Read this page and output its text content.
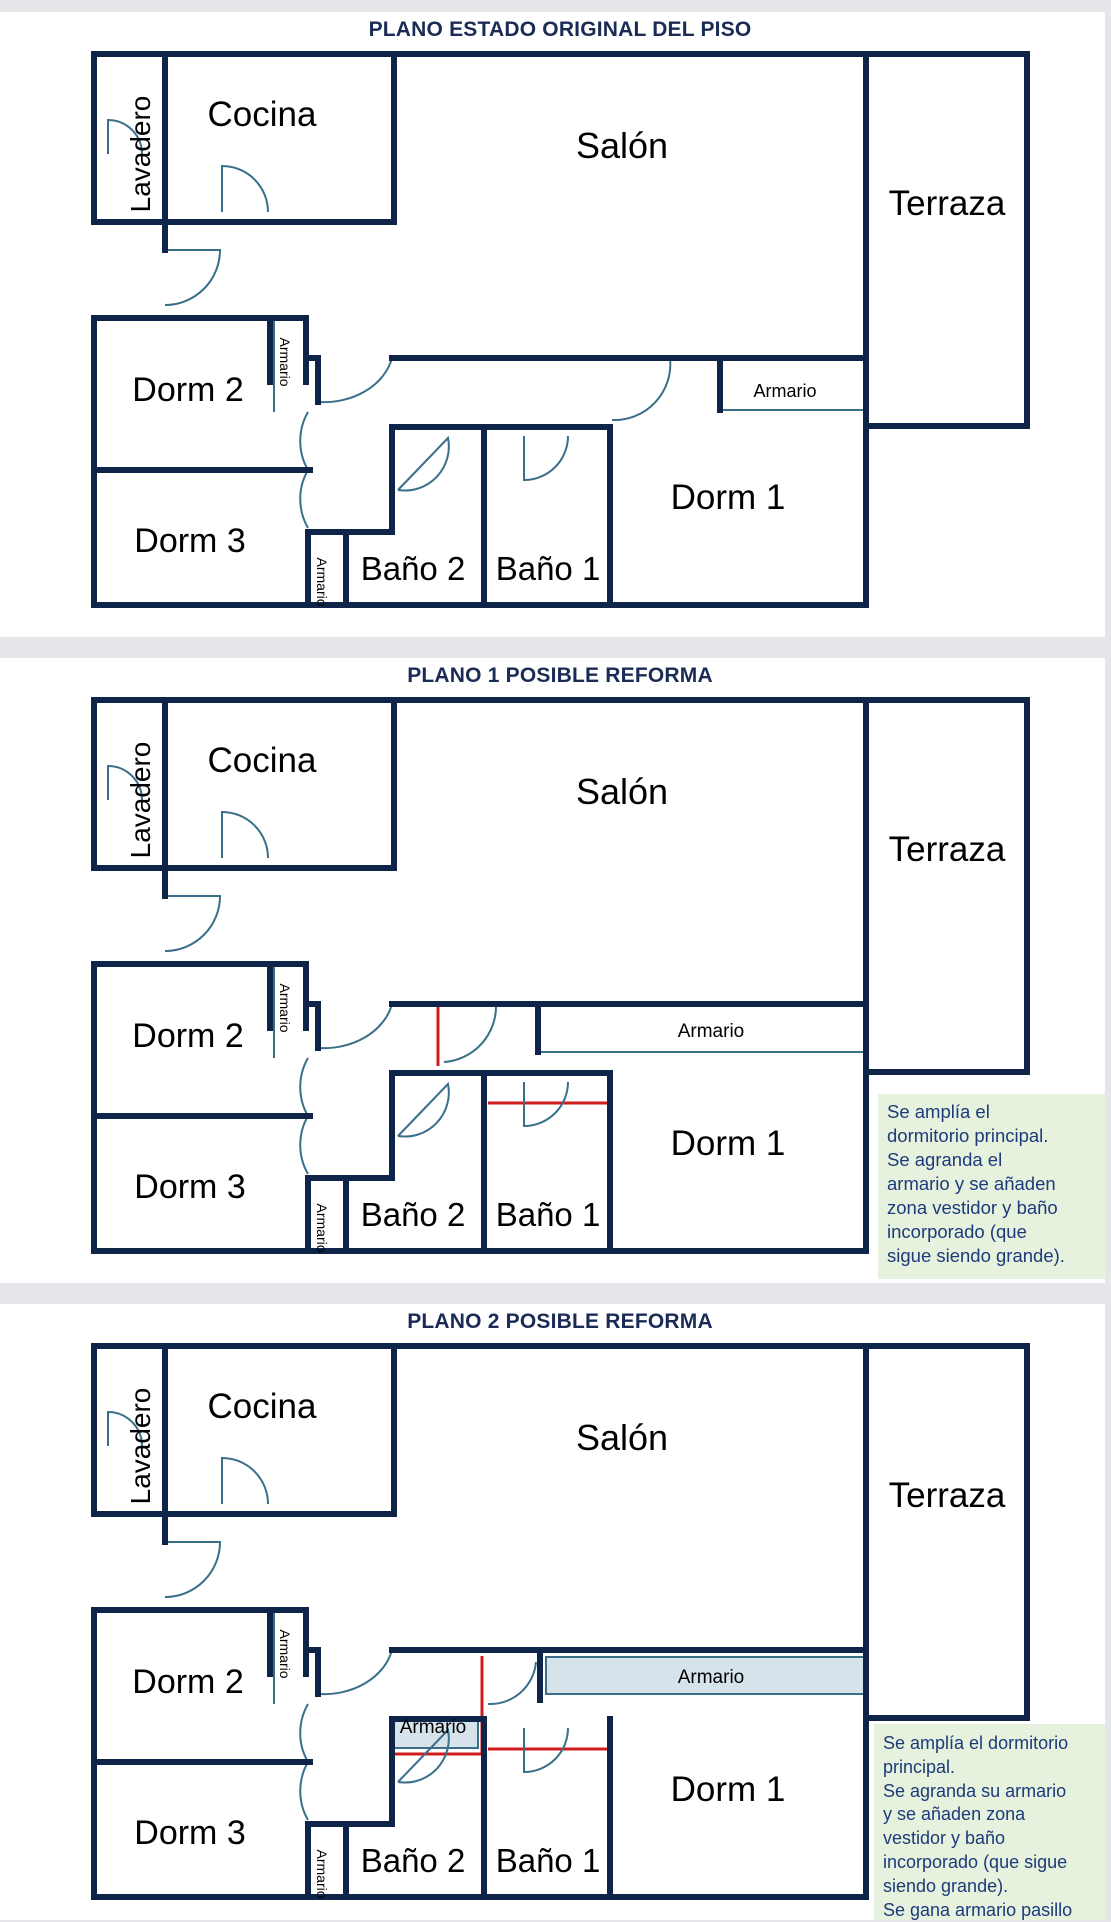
PLANO ESTADO ORIGINAL DEL PISO
Cocina
Salón
Terraza
Dorm 2
Dorm 3
Dorm 1
Baño 2 Baño 1
Lavadero
Armario
Armario
Armario
PLANO 1 POSIBLE REFORMA
Cocina
Salón
Terraza
Dorm 2
Dorm 3
Dorm 1
Baño 2 Baño 1
Lavadero
Armario
Armario
Armario
Se amplía el
dormitorio principal.
Se agranda el
armario y se añaden
zona vestidor y baño
incorporado (que
sigue siendo grande).
PLANO 2 POSIBLE REFORMA
Cocina
Salón
Terraza
Dorm 2
Dorm 3
Dorm 1
Baño 2 Baño 1
Lavadero
Armario
Armario
Armario
Armario
Se amplía el dormitorio
principal.
Se agranda su armario
y se añaden zona
vestidor y baño
incorporado (que sigue
siendo grande).
Se gana armario pasillo
